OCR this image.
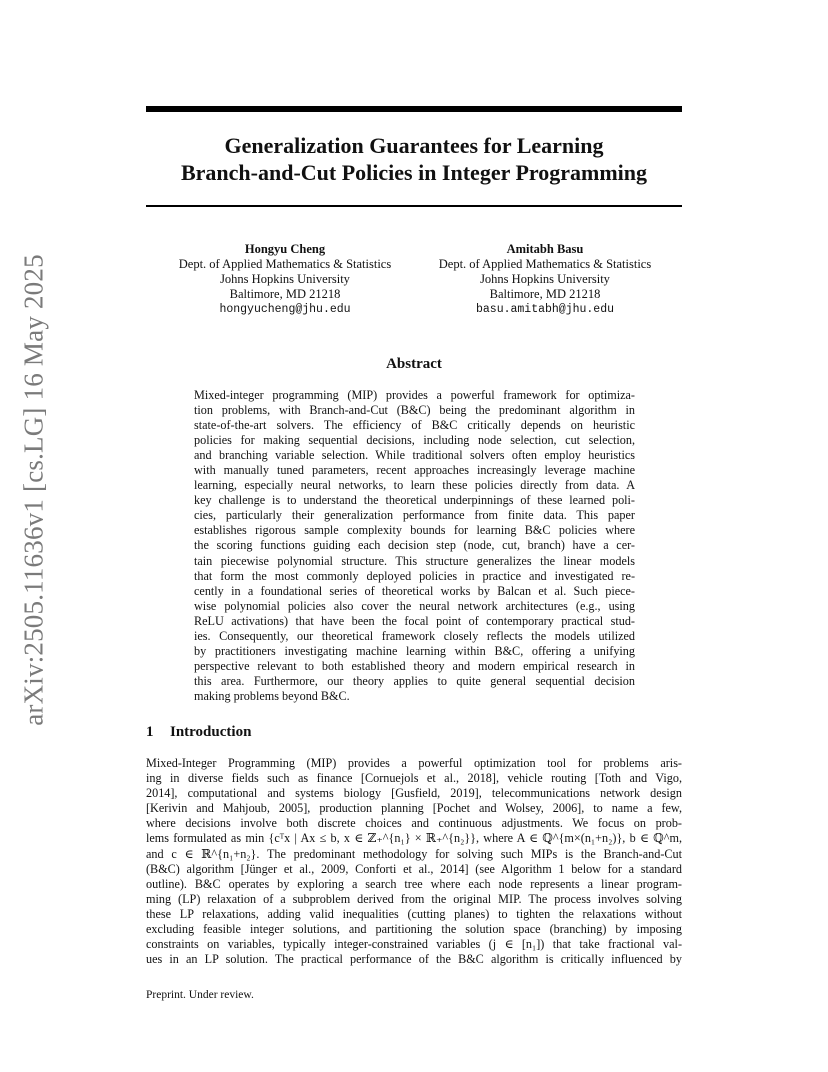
arXiv:2505.11636v1 [cs.LG] 16 May 2025
Generalization Guarantees for Learning
Branch-and-Cut Policies in Integer Programming
Hongyu Cheng
Dept. of Applied Mathematics & Statistics
Johns Hopkins University
Baltimore, MD 21218
hongyucheng@jhu.edu
Amitabh Basu
Dept. of Applied Mathematics & Statistics
Johns Hopkins University
Baltimore, MD 21218
basu.amitabh@jhu.edu
Abstract
Mixed-integer programming (MIP) provides a powerful framework for optimiza-
tion problems, with Branch-and-Cut (B&C) being the predominant algorithm in
state-of-the-art solvers. The efficiency of B&C critically depends on heuristic
policies for making sequential decisions, including node selection, cut selection,
and branching variable selection. While traditional solvers often employ heuristics
with manually tuned parameters, recent approaches increasingly leverage machine
learning, especially neural networks, to learn these policies directly from data. A
key challenge is to understand the theoretical underpinnings of these learned poli-
cies, particularly their generalization performance from finite data. This paper
establishes rigorous sample complexity bounds for learning B&C policies where
the scoring functions guiding each decision step (node, cut, branch) have a cer-
tain piecewise polynomial structure. This structure generalizes the linear models
that form the most commonly deployed policies in practice and investigated re-
cently in a foundational series of theoretical works by Balcan et al. Such piece-
wise polynomial policies also cover the neural network architectures (e.g., using
ReLU activations) that have been the focal point of contemporary practical stud-
ies. Consequently, our theoretical framework closely reflects the models utilized
by practitioners investigating machine learning within B&C, offering a unifying
perspective relevant to both established theory and modern empirical research in
this area. Furthermore, our theory applies to quite general sequential decision
making problems beyond B&C.
1 Introduction
Mixed-Integer Programming (MIP) provides a powerful optimization tool for problems aris-
ing in diverse fields such as finance [Cornuejols et al., 2018], vehicle routing [Toth and Vigo,
2014], computational and systems biology [Gusfield, 2019], telecommunications network design
[Kerivin and Mahjoub, 2005], production planning [Pochet and Wolsey, 2006], to name a few,
where decisions involve both discrete choices and continuous adjustments. We focus on prob-
lems formulated as min {cᵀx | Ax ≤ b, x ∈ ℤ₊^{n₁} × ℝ₊^{n₂}}, where A ∈ ℚ^{m×(n₁+n₂)}, b ∈ ℚ^m,
and c ∈ ℝ^{n₁+n₂}. The predominant methodology for solving such MIPs is the Branch-and-Cut
(B&C) algorithm [Jünger et al., 2009, Conforti et al., 2014] (see Algorithm 1 below for a standard
outline). B&C operates by exploring a search tree where each node represents a linear program-
ming (LP) relaxation of a subproblem derived from the original MIP. The process involves solving
these LP relaxations, adding valid inequalities (cutting planes) to tighten the relaxations without
excluding feasible integer solutions, and partitioning the solution space (branching) by imposing
constraints on variables, typically integer-constrained variables (j ∈ [n₁]) that take fractional val-
ues in an LP solution. The practical performance of the B&C algorithm is critically influenced by
Preprint. Under review.
